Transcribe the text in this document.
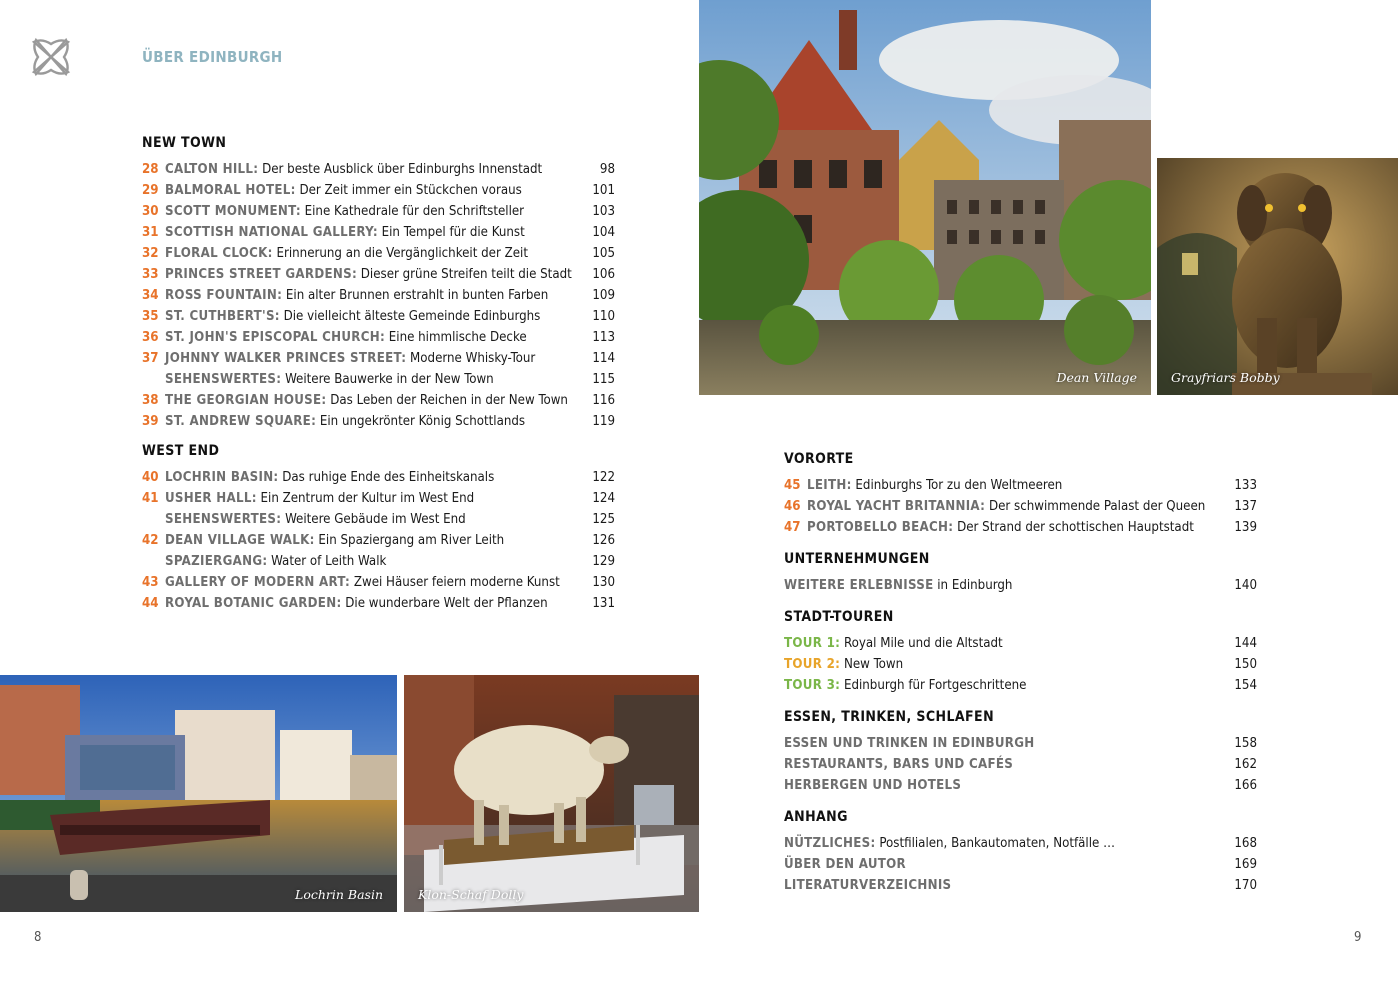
ÜBER EDINBURGH
NEW TOWN
28 CALTON HILL: Der beste Ausblick über Edinburghs Innenstadt	98
29 BALMORAL HOTEL: Der Zeit immer ein Stückchen voraus	101
30 SCOTT MONUMENT: Eine Kathedrale für den Schriftsteller	103
31 SCOTTISH NATIONAL GALLERY: Ein Tempel für die Kunst	104
32 FLORAL CLOCK: Erinnerung an die Vergänglichkeit der Zeit	105
33 PRINCES STREET GARDENS: Dieser grüne Streifen teilt die Stadt 106
34 ROSS FOUNTAIN: Ein alter Brunnen erstrahlt in bunten Farben	109
35 ST. CUTHBERT'S: Die vielleicht älteste Gemeinde Edinburghs	110
36 ST. JOHN'S EPISCOPAL CHURCH: Eine himmlische Decke	113
37 JOHNNY WALKER PRINCES STREET: Moderne Whisky-Tour	114
SEHENSWERTES: Weitere Bauwerke in der New Town	115
38 THE GEORGIAN HOUSE: Das Leben der Reichen in der New Town 116
39 ST. ANDREW SQUARE: Ein ungekrönter König Schottlands	119
WEST END
40 LOCHRIN BASIN: Das ruhige Ende des Einheitskanals	122
41 USHER HALL: Ein Zentrum der Kultur im West End	124
SEHENSWERTES: Weitere Gebäude im West End	125
42 DEAN VILLAGE WALK: Ein Spaziergang am River Leith	126
SPAZIERGANG: Water of Leith Walk	129
43 GALLERY OF MODERN ART: Zwei Häuser feiern moderne Kunst 130
44 ROYAL BOTANIC GARDEN: Die wunderbare Welt der Pflanzen	131
VORORTE
45 LEITH: Edinburghs Tor zu den Weltmeeren	133
46 ROYAL YACHT BRITANNIA: Der schwimmende Palast der Queen 137
47 PORTOBELLO BEACH: Der Strand der schottischen Hauptstadt	139
UNTERNEHMUNGEN
WEITERE ERLEBNISSE in Edinburgh	140
STADT-TOUREN
TOUR 1: Royal Mile und die Altstadt	144
TOUR 2: New Town	150
TOUR 3: Edinburgh für Fortgeschrittene	154
ESSEN, TRINKEN, SCHLAFEN
ESSEN UND TRINKEN IN EDINBURGH	158
RESTAURANTS, BARS UND CAFÉS	162
HERBERGEN UND HOTELS	166
ANHANG
NÜTZLICHES: Postfilialen, Bankautomaten, Notfälle …	168
ÜBER DEN AUTOR	169
LITERATURVERZEICHNIS	170
Dean Village	Grayfriars Bobby
Lochrin Basin	Klon-Schaf Dolly
8	9
